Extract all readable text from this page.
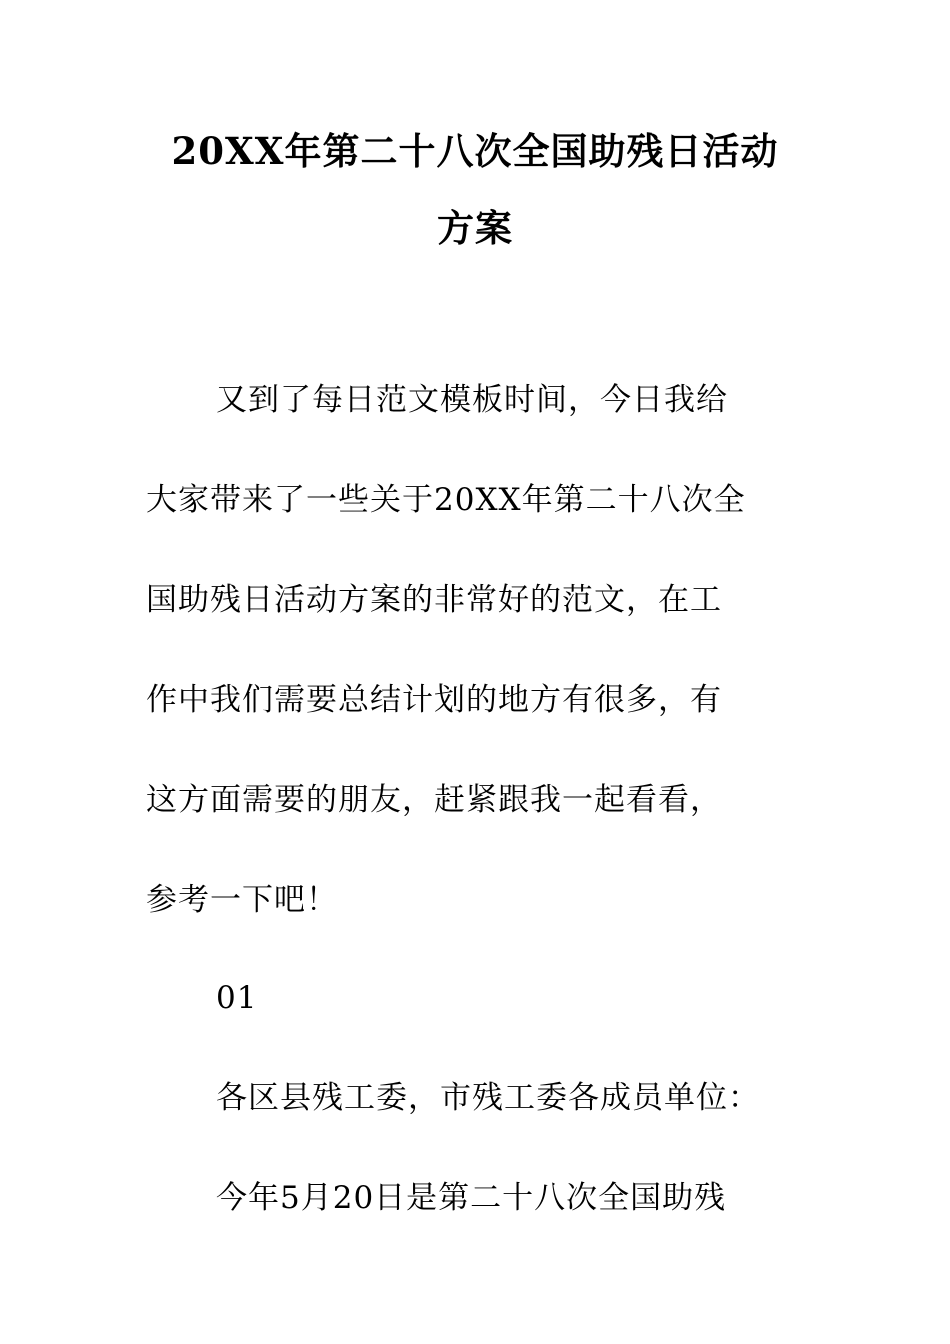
20XX年第二十八次全国助残日活动
方案
又到了每日范文模板时间，今日我给
大家带来了一些关于20XX年第二十八次全
国助残日活动方案的非常好的范文，在工
作中我们需要总结计划的地方有很多，有
这方面需要的朋友，赶紧跟我一起看看，
参考一下吧！
01
各区县残工委，市残工委各成员单位：
今年5月20日是第二十八次全国助残
